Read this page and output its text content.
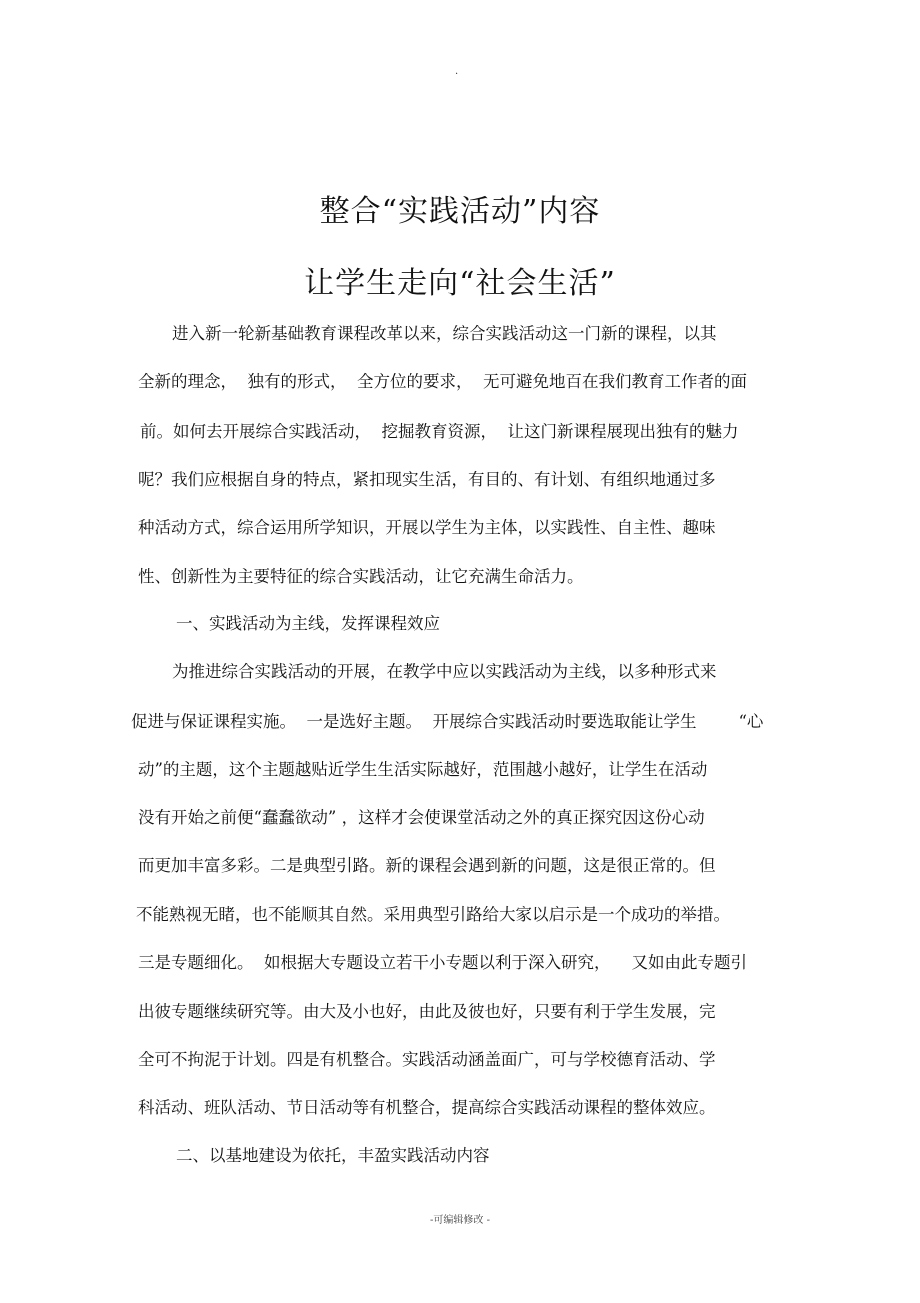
.
整合“实践活动”内容
让学生走向“社会生活”
进入新一轮新基础教育课程改革以来，综合实践活动这一门新的课程，以其
全新的理念，  独有的形式，  全方位的要求，  无可避免地百在我们教育工作者的面
前。如何去开展综合实践活动，  挖掘教育资源，  让这门新课程展现出独有的魅力
呢？我们应根据自身的特点，紧扣现实生活，有目的、有计划、有组织地通过多
种活动方式，综合运用所学知识，开展以学生为主体，以实践性、自主性、趣味
性、创新性为主要特征的综合实践活动，让它充满生命活力。
一、实践活动为主线，发挥课程效应
为推进综合实践活动的开展，在教学中应以实践活动为主线，以多种形式来
促进与保证课程实施。  一是选好主题。  开展综合实践活动时要选取能让学生        “心
动”的主题，这个主题越贴近学生生活实际越好，范围越小越好，让学生在活动
没有开始之前便“蠢蠢欲动” ，这样才会使课堂活动之外的真正探究因这份心动
而更加丰富多彩。二是典型引路。新的课程会遇到新的问题，这是很正常的。但
不能熟视无睹，也不能顺其自然。采用典型引路给大家以启示是一个成功的举措。
三是专题细化。  如根据大专题设立若干小专题以利于深入研究，    又如由此专题引
出彼专题继续研究等。由大及小也好，由此及彼也好，只要有利于学生发展，完
全可不拘泥于计划。四是有机整合。实践活动涵盖面广，可与学校德育活动、学
科活动、班队活动、节日活动等有机整合，提高综合实践活动课程的整体效应。
二、以基地建设为依托，丰盈实践活动内容
-可编辑修改 -
